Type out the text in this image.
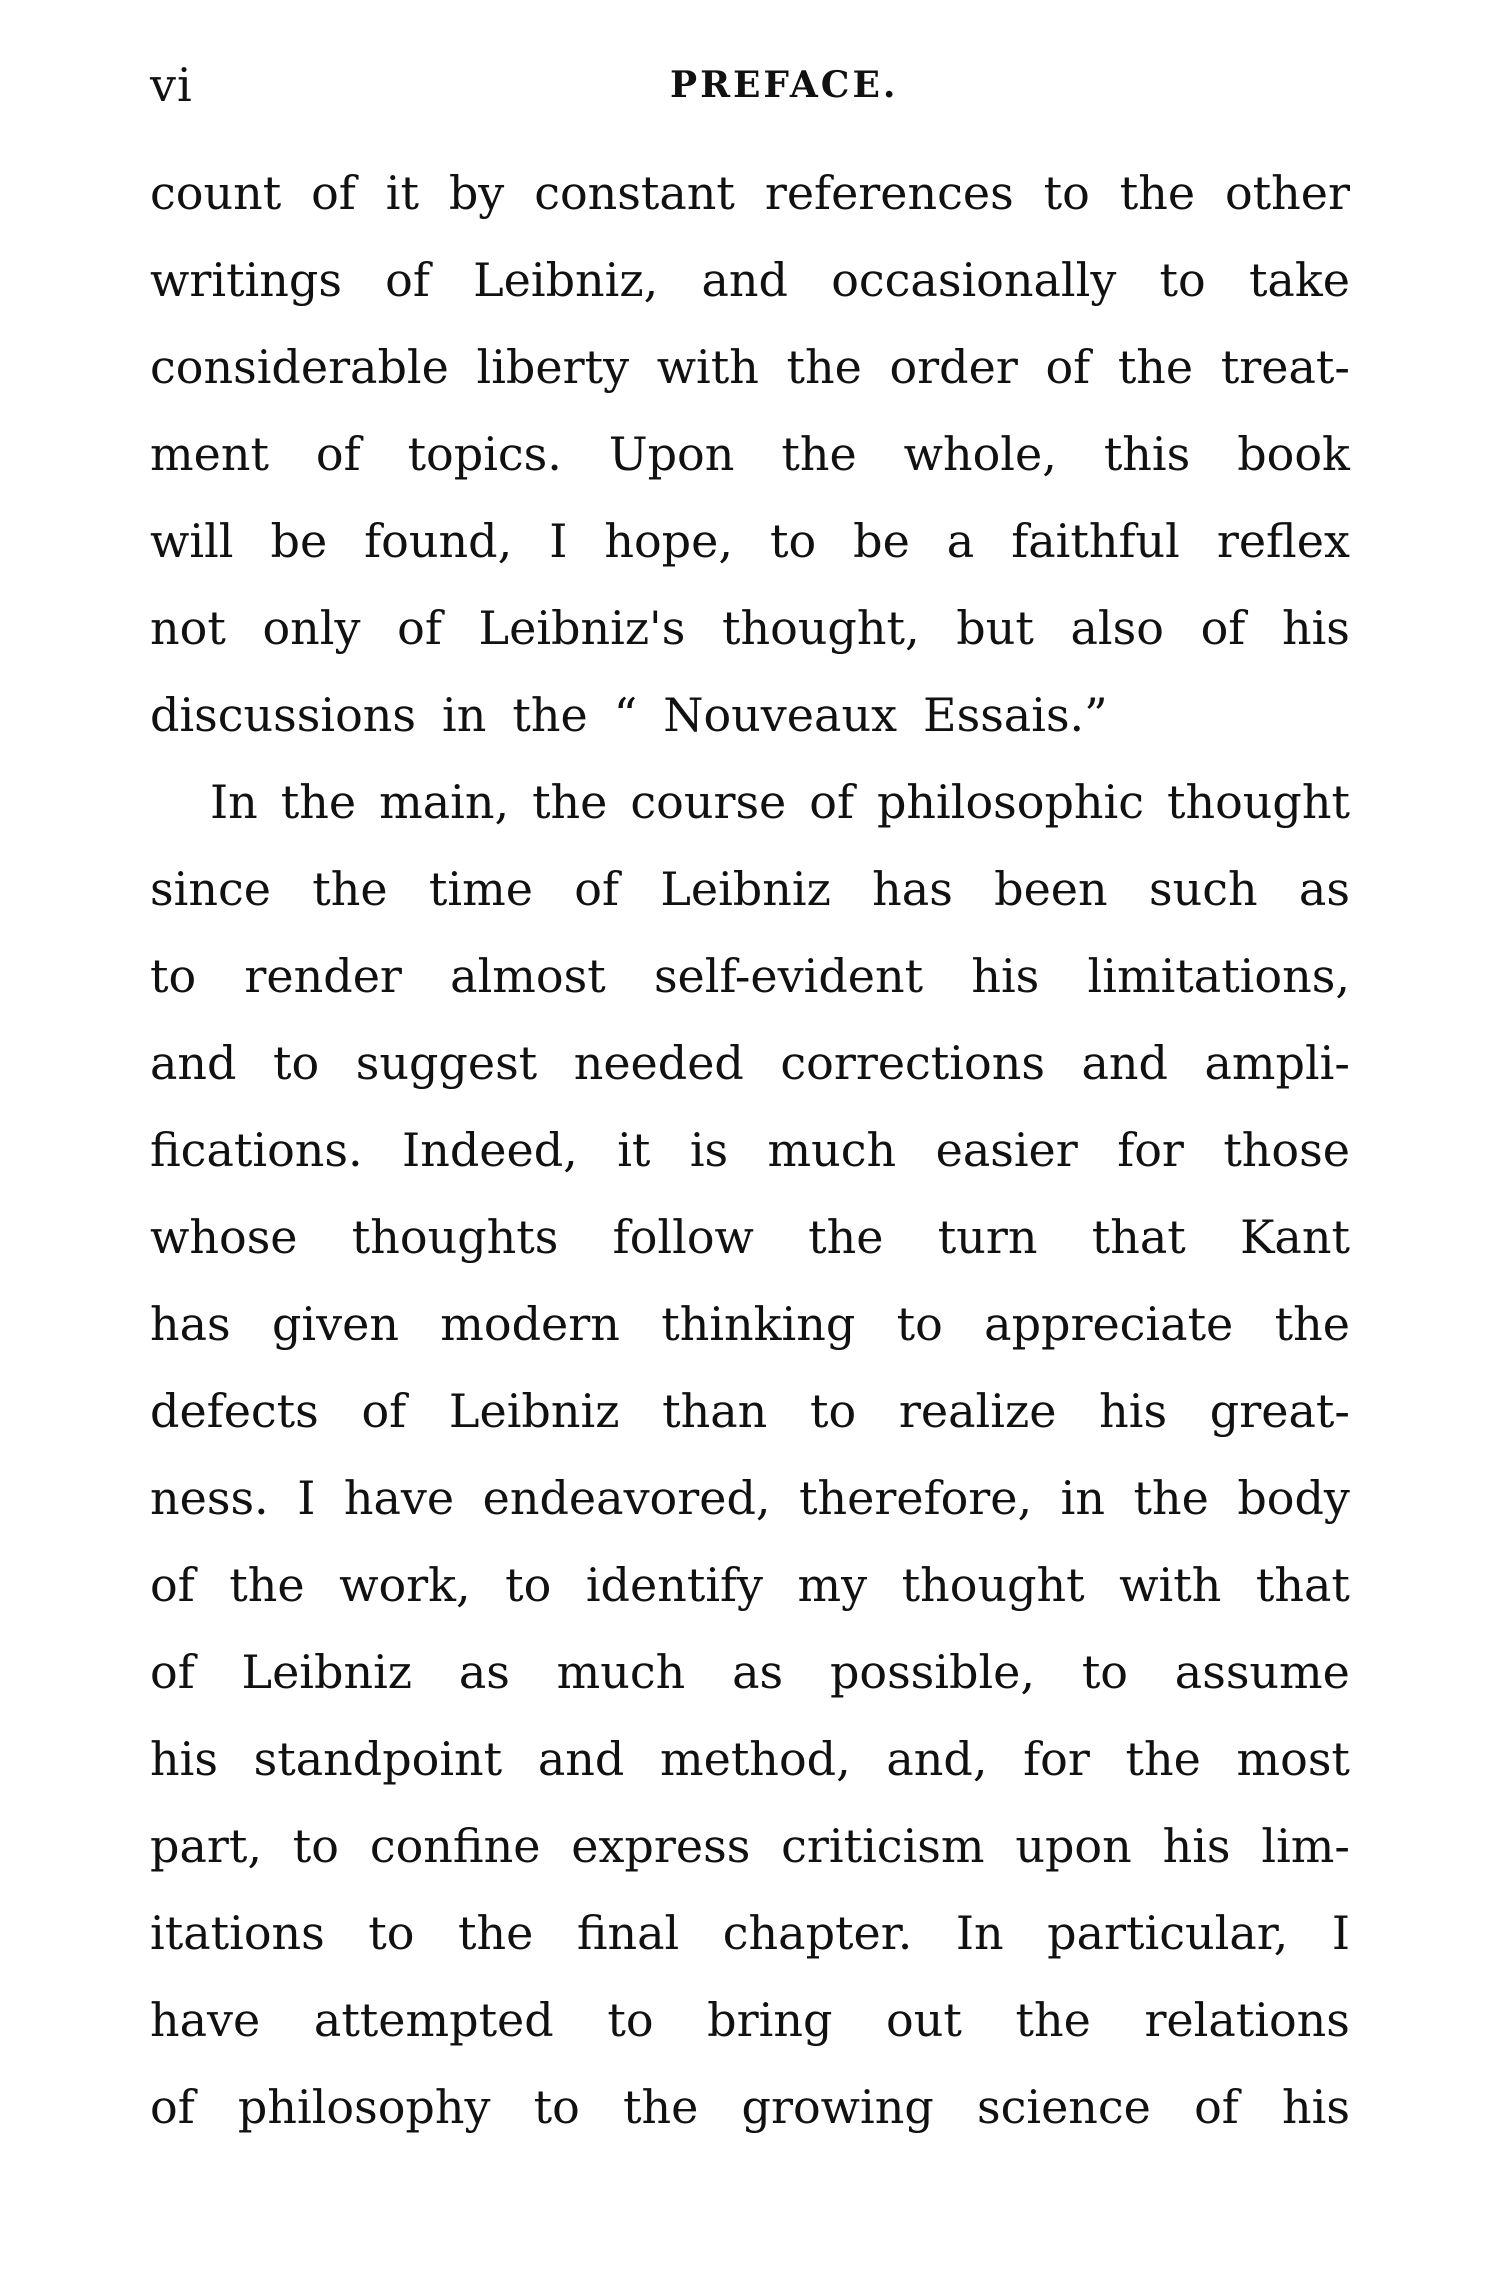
vi	PREFACE.
count of it by constant references to the other
writings of Leibniz, and occasionally to take
considerable liberty with the order of the treat-
ment of topics. Upon the whole, this book
will be found, I hope, to be a faithful reflex
not only of Leibniz's thought, but also of his
discussions in the “ Nouveaux Essais.”
In the main, the course of philosophic thought
since the time of Leibniz has been such as
to render almost self-evident his limitations,
and to suggest needed corrections and ampli-
fications. Indeed, it is much easier for those
whose thoughts follow the turn that Kant
has given modern thinking to appreciate the
defects of Leibniz than to realize his great-
ness. I have endeavored, therefore, in the body
of the work, to identify my thought with that
of Leibniz as much as possible, to assume
his standpoint and method, and, for the most
part, to confine express criticism upon his lim-
itations to the final chapter. In particular, I
have attempted to bring out the relations
of philosophy to the growing science of his
